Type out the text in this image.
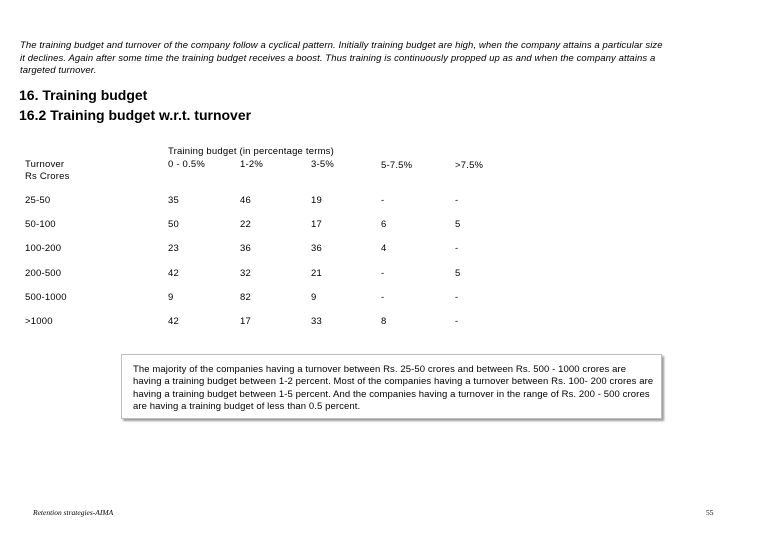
The training budget and turnover of the company follow a cyclical pattern. Initially training budget are high, when the company attains a particular size it declines. Again after some time the training budget receives a boost. Thus training is continuously propped up as and when the company attains a targeted turnover.
16. Training budget
16.2 Training budget w.r.t. turnover
Training budget (in percentage terms)
Turnover
Rs Crores
0 - 0.5%	1-2%	3-5%	5-7.5%	>7.5%
25-50	35	46	19	-	-
50-100	50	22	17	6	5
100-200	23	36	36	4	-
200-500	42	32	21	-	5
500-1000	9	82	9	-	-
>1000	42	17	33	8	-

The majority of the companies having a turnover between Rs. 25-50 crores and between Rs. 500 - 1000 crores are having a training budget between 1-2 percent. Most of the companies having a turnover between Rs. 100- 200 crores are having a training budget between 1-5 percent. And the companies having a turnover in the range of Rs. 200 - 500 crores are having a training budget of less than 0.5 percent.

Retention strategies-AIMA	55
